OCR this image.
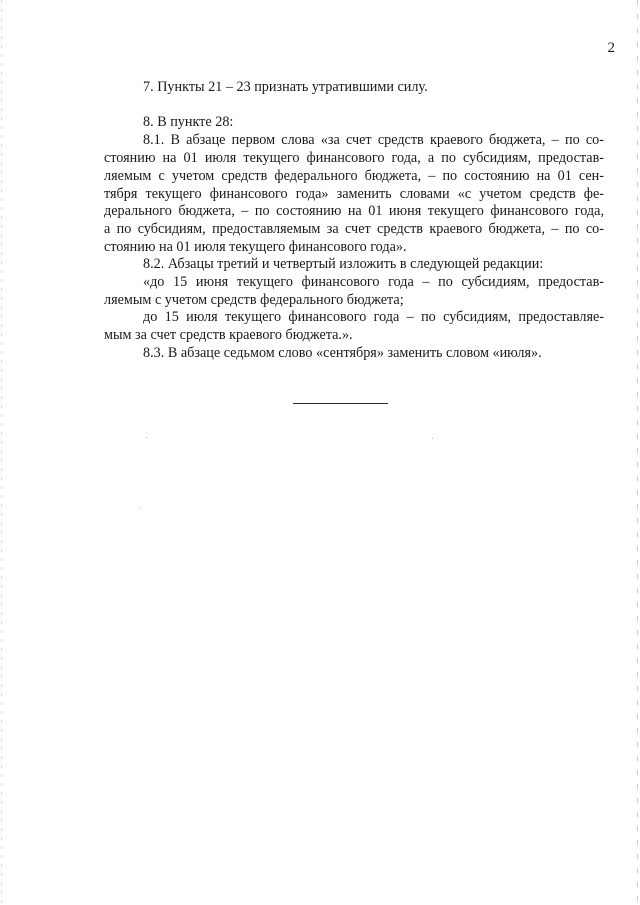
2
7. Пункты 21 – 23 признать утратившими силу.
8. В пункте 28:
8.1. В абзаце первом слова «за счет средств краевого бюджета, – по со-
стоянию на 01 июля текущего финансового года, а по субсидиям, предостав-
ляемым с учетом средств федерального бюджета, – по состоянию на 01 сен-
тября текущего финансового года» заменить словами «с учетом средств фе-
дерального бюджета, – по состоянию на 01 июня текущего финансового года,
а по субсидиям, предоставляемым за счет средств краевого бюджета, – по со-
стоянию на 01 июля текущего финансового года».
8.2. Абзацы третий и четвертый изложить в следующей редакции:
«до 15 июня текущего финансового года – по субсидиям, предостав-
ляемым с учетом средств федерального бюджета;
до 15 июля текущего финансового года – по субсидиям, предоставляе-
мым за счет средств краевого бюджета.».
8.3. В абзаце седьмом слово «сентября» заменить словом «июля».
